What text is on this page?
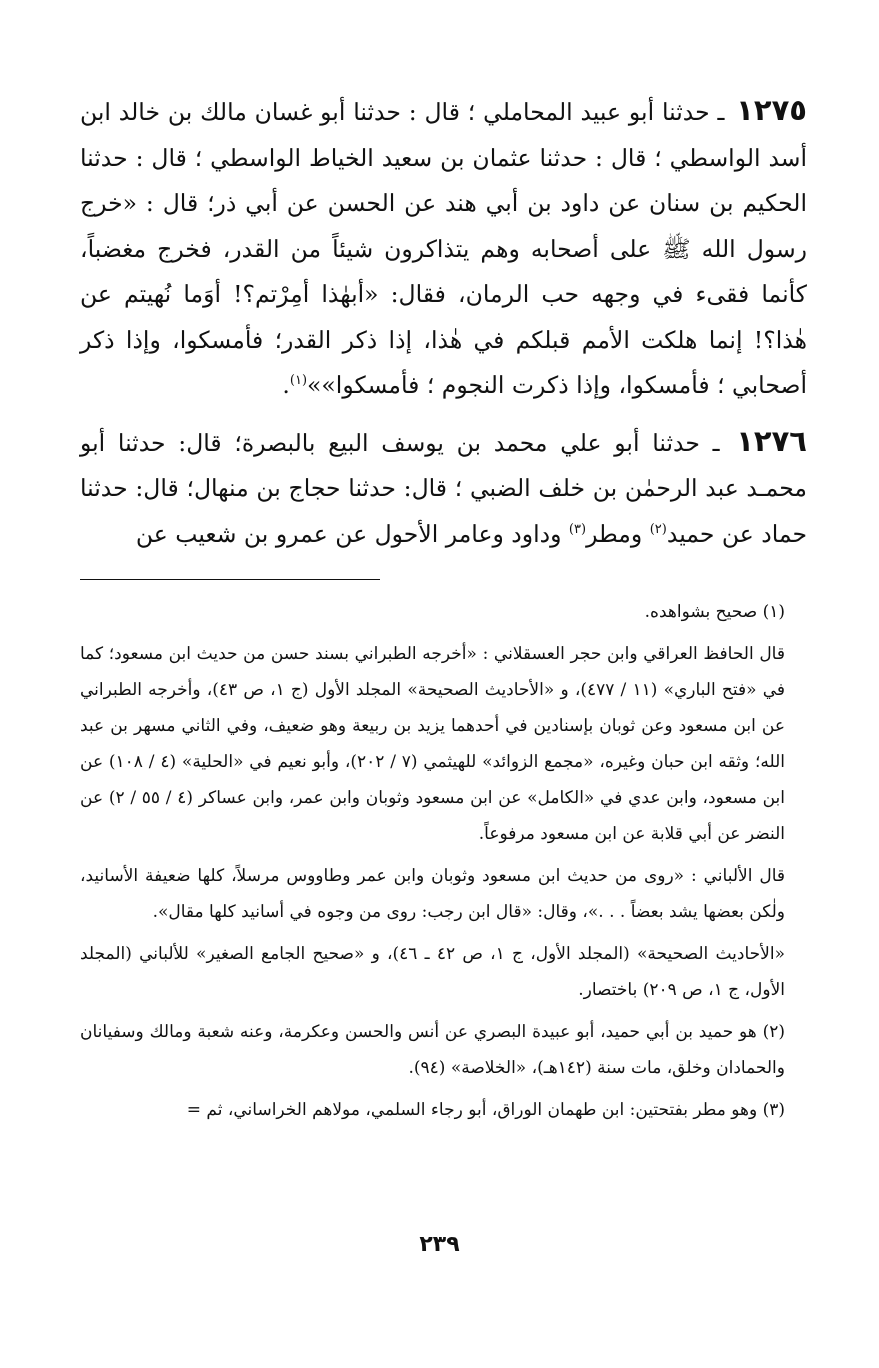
١٢٧٥ ـ حدثنا أبو عبيد المحاملي ؛ قال : حدثنا أبو غسان مالك بن خالد ابن أسد الواسطي ؛ قال : حدثنا عثمان بن سعيد الخياط الواسطي ؛ قال : حدثنا الحكيم بن سنان عن داود بن أبي هند عن الحسن عن أبي ذر؛ قال : «خرج رسول الله ﷺ على أصحابه وهم يتذاكرون شيئاً من القدر، فخرج مغضباً، كأنما فقىء في وجهه حب الرمان، فقال: «أبهٰذا أمِرْتم؟! أوَما نُهيتم عن هٰذا؟! إنما هلكت الأمم قبلكم في هٰذا، إذا ذكر القدر؛ فأمسكوا، وإذا ذكر أصحابي ؛ فأمسكوا، وإذا ذكرت النجوم ؛ فأمسكوا»»$^{(١)}$.

١٢٧٦ ـ حدثنا أبو علي محمد بن يوسف البيع بالبصرة؛ قال: حدثنا أبو محمـد عبد الرحمٰن بن خلف الضبي ؛ قال: حدثنا حجاج بن منهال؛ قال: حدثنا حماد عن حميد$^{(٢)}$ ومطر$^{(٣)}$ وداود وعامر الأحول عن عمرو بن شعيب عن

(١) صحيح بشواهده.

قال الحافظ العراقي وابن حجر العسقلاني : «أخرجه الطبراني بسند حسن من حديث ابن مسعود؛ كما في «فتح الباري» (١١ / ٤٧٧)، و «الأحاديث الصحيحة» المجلد الأول (ج ١، ص ٤٣)، وأخرجه الطبراني عن ابن مسعود وعن ثوبان بإسنادين في أحدهما يزيد بن ربيعة وهو ضعيف، وفي الثاني مسهر بن عبد الله؛ وثقه ابن حبان وغيره، «مجمع الزوائد» للهيثمي (٧ / ٢٠٢)، وأبو نعيم في «الحلية» (٤ / ١٠٨) عن ابن مسعود، وابن عدي في «الكامل» عن ابن مسعود وثوبان وابن عمر، وابن عساكر (٤ / ٥٥ / ٢) عن النضر عن أبي قلابة عن ابن مسعود مرفوعاً.

قال الألباني : «روى من حديث ابن مسعود وثوبان وابن عمر وطاووس مرسلاً، كلها ضعيفة الأسانيد، ولٰكن بعضها يشد بعضاً . . .»، وقال: «قال ابن رجب: روى من وجوه في أسانيد كلها مقال».

«الأحاديث الصحيحة» (المجلد الأول، ج ١، ص ٤٢ ـ ٤٦)، و «صحيح الجامع الصغير» للألباني (المجلد الأول، ج ١، ص ٢٠٩) باختصار.

(٢) هو حميد بن أبي حميد، أبو عبيدة البصري عن أنس والحسن وعكرمة، وعنه شعبة ومالك وسفيانان والحمادان وخلق، مات سنة (١٤٢هـ)، «الخلاصة» (٩٤).

(٣) وهو مطر بفتحتين: ابن طهمان الوراق، أبو رجاء السلمي، مولاهم الخراساني، ثم =

٢٣٩
